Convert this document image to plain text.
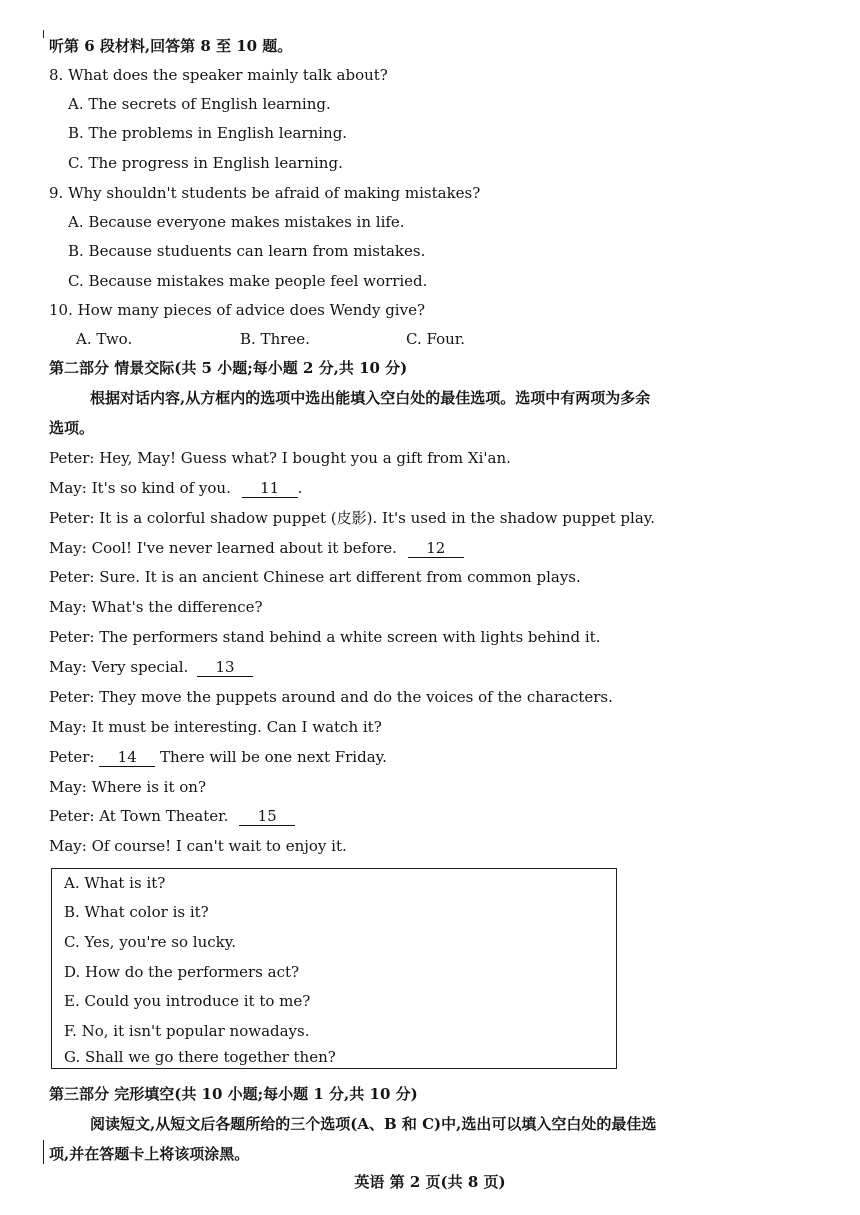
听第 6 段材料,回答第 8 至 10 题。
8. What does the speaker mainly talk about?
A. The secrets of English learning.
B. The problems in English learning.
C. The progress in English learning.
9. Why shouldn't students be afraid of making mistakes?
A. Because everyone makes mistakes in life.
B. Because studuents can learn from mistakes.
C. Because mistakes make people feel worried.
10. How many pieces of advice does Wendy give?
A. Two.	B. Three.	C. Four.
第二部分 情景交际(共 5 小题;每小题 2 分,共 10 分)
根据对话内容,从方框内的选项中选出能填入空白处的最佳选项。选项中有两项为多余
选项。
Peter: Hey, May! Guess what? I bought you a gift from Xi'an.
May: It's so kind of you. 11 .
Peter: It is a colorful shadow puppet (皮影). It's used in the shadow puppet play.
May: Cool! I've never learned about it before. 12
Peter: Sure. It is an ancient Chinese art different from common plays.
May: What's the difference?
Peter: The performers stand behind a white screen with lights behind it.
May: Very special. 13
Peter: They move the puppets around and do the voices of the characters.
May: It must be interesting. Can I watch it?
Peter: 14 There will be one next Friday.
May: Where is it on?
Peter: At Town Theater. 15
May: Of course! I can't wait to enjoy it.
A. What is it?
B. What color is it?
C. Yes, you're so lucky.
D. How do the performers act?
E. Could you introduce it to me?
F. No, it isn't popular nowadays.
G. Shall we go there together then?
第三部分 完形填空(共 10 小题;每小题 1 分,共 10 分)
阅读短文,从短文后各题所给的三个选项(A、B 和 C)中,选出可以填入空白处的最佳选
项,并在答题卡上将该项涂黑。
英语 第 2 页(共 8 页)
